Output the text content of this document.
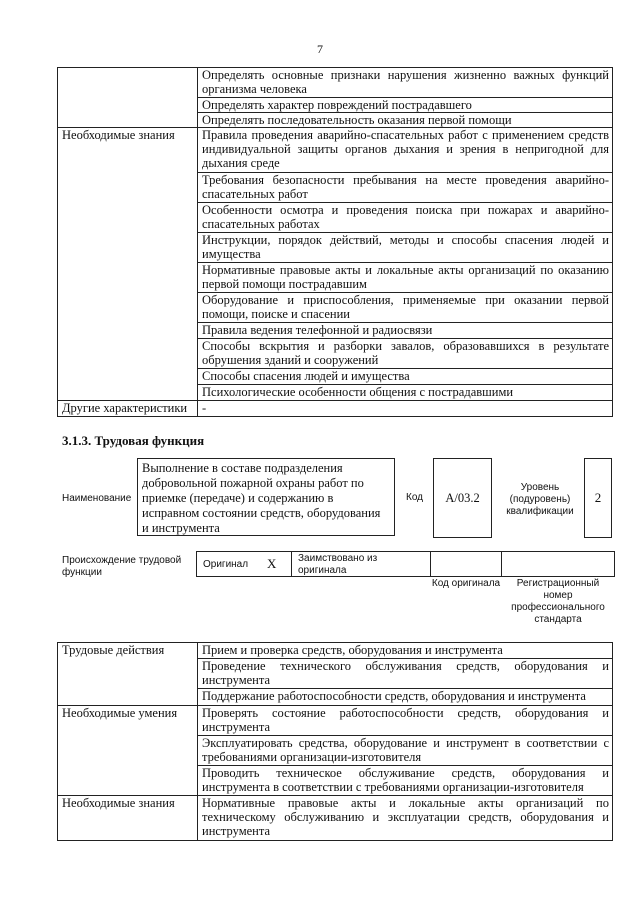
7
	Определять основные признаки нарушения жизненно важных функций организма человека
	Определять характер повреждений пострадавшего
	Определять последовательность оказания первой помощи
Необходимые знания	Правила проведения аварийно-спасательных работ с применением средств индивидуальной защиты органов дыхания и зрения в непригодной для дыхания среде
	Требования безопасности пребывания на месте проведения аварийно-спасательных работ
	Особенности осмотра и проведения поиска при пожарах и аварийно-спасательных работах
	Инструкции, порядок действий, методы и способы спасения людей и имущества
	Нормативные правовые акты и локальные акты организаций по оказанию первой помощи пострадавшим
	Оборудование и приспособления, применяемые при оказании первой помощи, поиске и спасении
	Правила ведения телефонной и радиосвязи
	Способы вскрытия и разборки завалов, образовавшихся в результате обрушения зданий и сооружений
	Способы спасения людей и имущества
	Психологические особенности общения с пострадавшими
Другие характеристики	-
3.1.3. Трудовая функция
Наименование
Выполнение в составе подразделения добровольной пожарной охраны работ по приемке (передаче) и содержанию в исправном состоянии средств, оборудования и инструмента
Код	A/03.2
Уровень (подуровень) квалификации
2
Происхождение трудовой функции
Оригинал X Заимствовано из оригинала
Код оригинала	Регистрационный номер профессионального стандарта
Трудовые действия	Прием и проверка средств, оборудования и инструмента
	Проведение технического обслуживания средств, оборудования и инструмента
	Поддержание работоспособности средств, оборудования и инструмента
Необходимые умения	Проверять состояние работоспособности средств, оборудования и инструмента
	Эксплуатировать средства, оборудование и инструмент в соответствии с требованиями организации-изготовителя
	Проводить техническое обслуживание средств, оборудования и инструмента в соответствии с требованиями организации-изготовителя
Необходимые знания	Нормативные правовые акты и локальные акты организаций по техническому обслуживанию и эксплуатации средств, оборудования и инструмента
